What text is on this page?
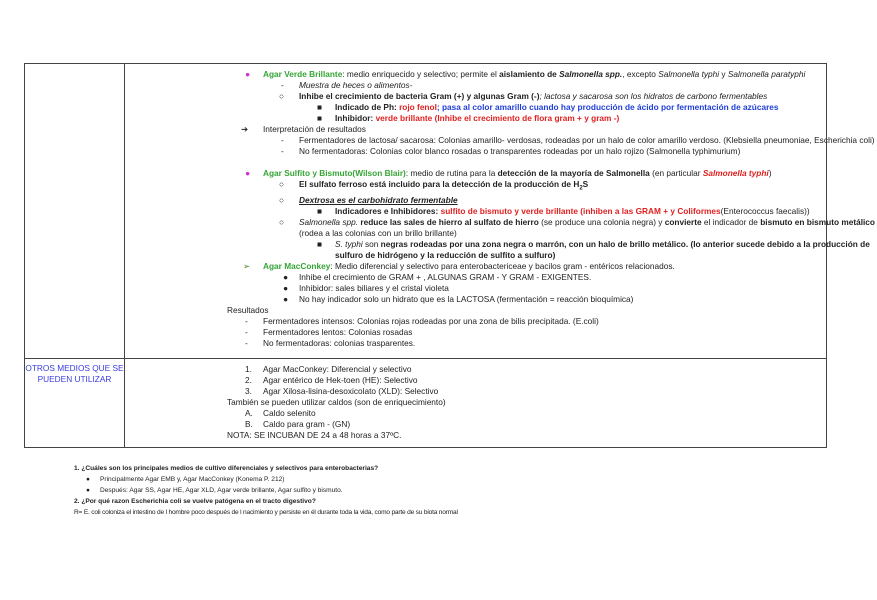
● Agar Verde Brillante: medio enriquecido y selectivo; permite el aislamiento de Salmonella spp., excepto Salmonella typhi y Salmonella paratyphi
- Muestra de heces o alimentos-
○ Inhibe el crecimiento de bacteria Gram (+) y algunas Gram (-); lactosa y sacarosa son los hidratos de carbono fermentables
■ Indicado de Ph: rojo fenol; pasa al color amarillo cuando hay producción de ácido por fermentación de azúcares
■ Inhibidor: verde brillante (Inhibe el crecimiento de flora gram + y gram -)
➔ Interpretación de resultados
- Fermentadores de lactosa/ sacarosa: Colonias amarillo- verdosas, rodeadas por un halo de color amarillo verdoso. (Klebsiella pneumoniae, Escherichia coli)
- No fermentadoras: Colonias color blanco rosadas o transparentes rodeadas por un halo rojizo (Salmonella typhimurium)
● Agar Sulfito y Bismuto(Wilson Blair): medio de rutina para la detección de la mayoría de Salmonella (en particular Salmonella typhi)
○ El sulfato ferroso está incluido para la detección de la producción de $H_2S$
○ Dextrosa es el carbohidrato fermentable
■ Indicadores e Inhibidores: sulfito de bismuto y verde brillante (inhiben a las GRAM + y Coliformes(Enterococcus faecalis))
○ Salmonella spp. reduce las sales de hierro al sulfato de hierro (se produce una colonia negra) y convierte el indicador de bismuto en bismuto metálico
(rodea a las colonias con un brillo brillante)
■ S. typhi son negras rodeadas por una zona negra o marrón, con un halo de brillo metálico. (lo anterior sucede debido a la producción de sulfuro de hidrógeno y la reducción de sulfito a sulfuro)
➢ Agar MacConkey: Medio diferencial y selectivo para enterobactericeae y bacilos gram - entéricos relacionados.
● Inhibe el crecimiento de GRAM + , ALGUNAS GRAM - Y GRAM - EXIGENTES.
● Inhibidor: sales biliares y el cristal violeta
● No hay indicador solo un hidrato que es la LACTOSA (fermentación = reacción bioquímica)
Resultados
- Fermentadores intensos: Colonias rojas rodeadas por una zona de bilis precipitada. (E.coli)
- Fermentadores lentos: Colonias rosadas
- No fermentadoras: colonias trasparentes.
OTROS MEDIOS QUE SE PUEDEN UTILIZAR
1. Agar MacConkey: Diferencial y selectivo
2. Agar entérico de Hek-toen (HE): Selectivo
3. Agar Xilosa-lisina-desoxicolato (XLD): Selectivo
También se pueden utilizar caldos (son de enriquecimiento)
A. Caldo selenito
B. Caldo para gram - (GN)
NOTA: SE INCUBAN DE 24 a 48 horas a 37ºC.
1. ¿Cuáles son los principales medios de cultivo diferenciales y selectivos para enterobacterias?
● Principalmente Agar EMB y, Agar MacConkey (Konema P. 212)
● Después: Agar SS, Agar HE, Agar XLD, Agar verde brillante, Agar sulfito y bismuto.
2. ¿Por qué razon Escherichia coli se vuelve patógena en el tracto digestivo?
R= E. coli coloniza el intestino de l hombre poco después de l nacimiento y persiste en él durante toda la vida, como parte de su biota normal
